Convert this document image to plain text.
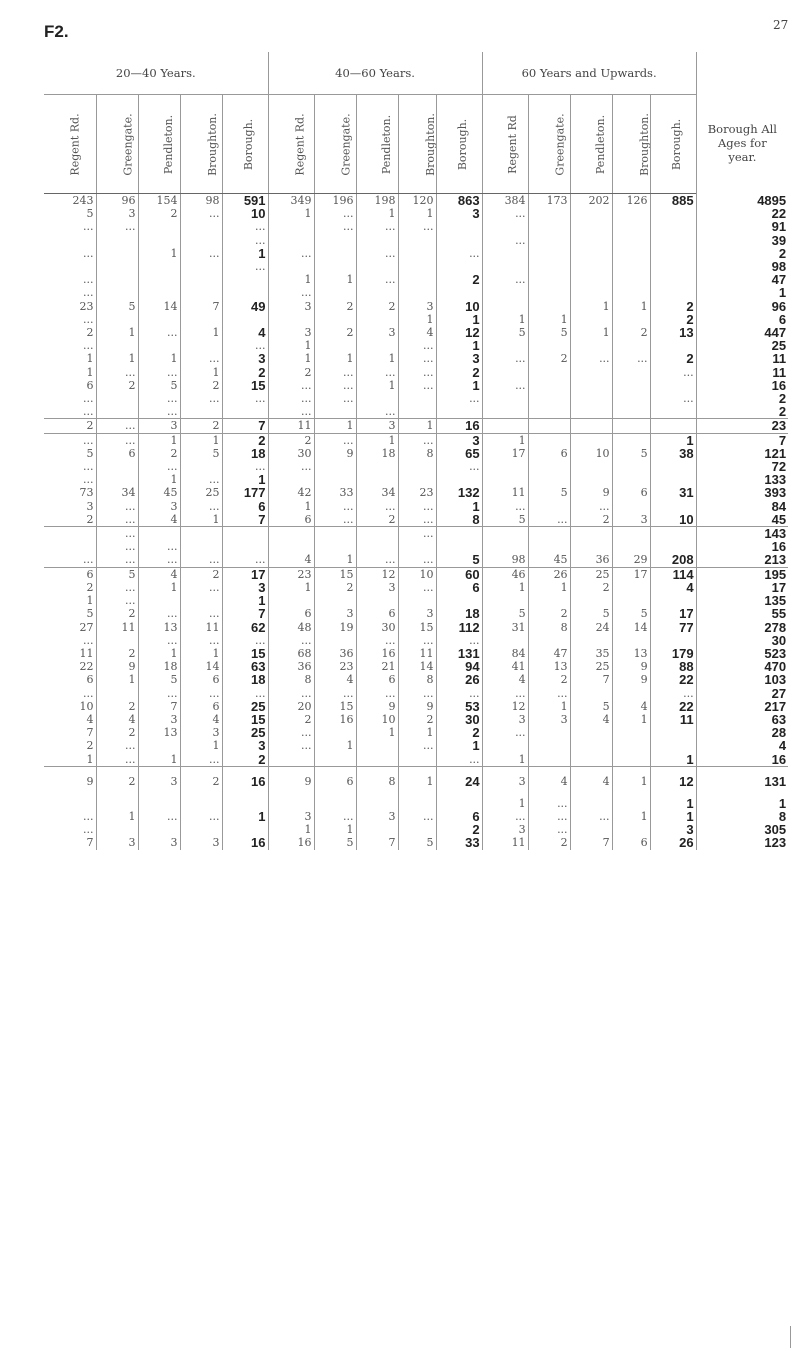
F2.	27
20—40 Years.					40—60 Years.					60 Years and Upwards.					Borough All Ages for year.

Regent Rd.	Greengate.	Pendleton.	Broughton.	Borough.	Regent Rd.	Greengate.	Pendleton.	Broughton.	Borough.	Regent Rd	Greengate.	Pendleton.	Broughton.	Borough.	
243	96	154	98	591	349	196	198	120	863	384	173	202	126	885	4895
5	3	2	...	10	1	...	1	1	3	...					22
...	...			...		...	...	...							91
				...						...					39
...		1	...	1	...		...		...						2
				...											98
...					1	1	...		2	...					47
...					...										1
23	5	14	7	49	3	2	2	3	10			1	1	2	96
...								1	1	1	1			2	6
2	1	...	1	4	3	2	3	4	12	5	5	1	2	13	447
...				...	1			...	1						25
1	1	1	...	3	1	1	1	...	3	...	2	...	...	2	11
1	...	...	1	2	2	...	...	...	2					...	11
6	2	5	2	15	...	...	1	...	1	...					16
...		...	...	...	...	...			...					...	2
...		...			...		...								2
2	...	3	2	7	11	1	3	1	16						23
...	...	1	1	2	2	...	1	...	3	1				1	7
5	6	2	5	18	30	9	18	8	65	17	6	10	5	38	121
...		...		...	...				...						72
...		1	...	1											133
73	34	45	25	177	42	33	34	23	132	11	5	9	6	31	393
3	...	3	...	6	1	...	...	...	1	...		...			84
2	...	4	1	7	6	...	2	...	8	5	...	2	3	10	45
	...							...							143
	...	...													16
...	...	...	...	...	4	1	...	...	5	98	45	36	29	208	213
6	5	4	2	17	23	15	12	10	60	46	26	25	17	114	195
2	...	1	...	3	1	2	3	...	6	1	1	2		4	17
1	...			1											135
5	2	...	...	7	6	3	6	3	18	5	2	5	5	17	55
27	11	13	11	62	48	19	30	15	112	31	8	24	14	77	278
...		...	...	...	...		...	...	...						30
11	2	1	1	15	68	36	16	11	131	84	47	35	13	179	523
22	9	18	14	63	36	23	21	14	94	41	13	25	9	88	470
6	1	5	6	18	8	4	6	8	26	4	2	7	9	22	103
...		...	...	...	...	...	...	...	...	...	...			...	27
10	2	7	6	25	20	15	9	9	53	12	1	5	4	22	217
4	4	3	4	15	2	16	10	2	30	3	3	4	1	11	63
7	2	13	3	25	...		1	1	2	...					28
2	...		1	3	...	1		...	1						4
1	...	1	...	2					...	1				1	16
9	2	3	2	16	9	6	8	1	24	3	4	4	1	12	131
										1	...			1	1
...	1	...	...	1	3	...	3	...	6	...	...	...	1	1	8
...					1	1			2	3	...			3	305
7	3	3	3	16	16	5	7	5	33	11	2	7	6	26	123
